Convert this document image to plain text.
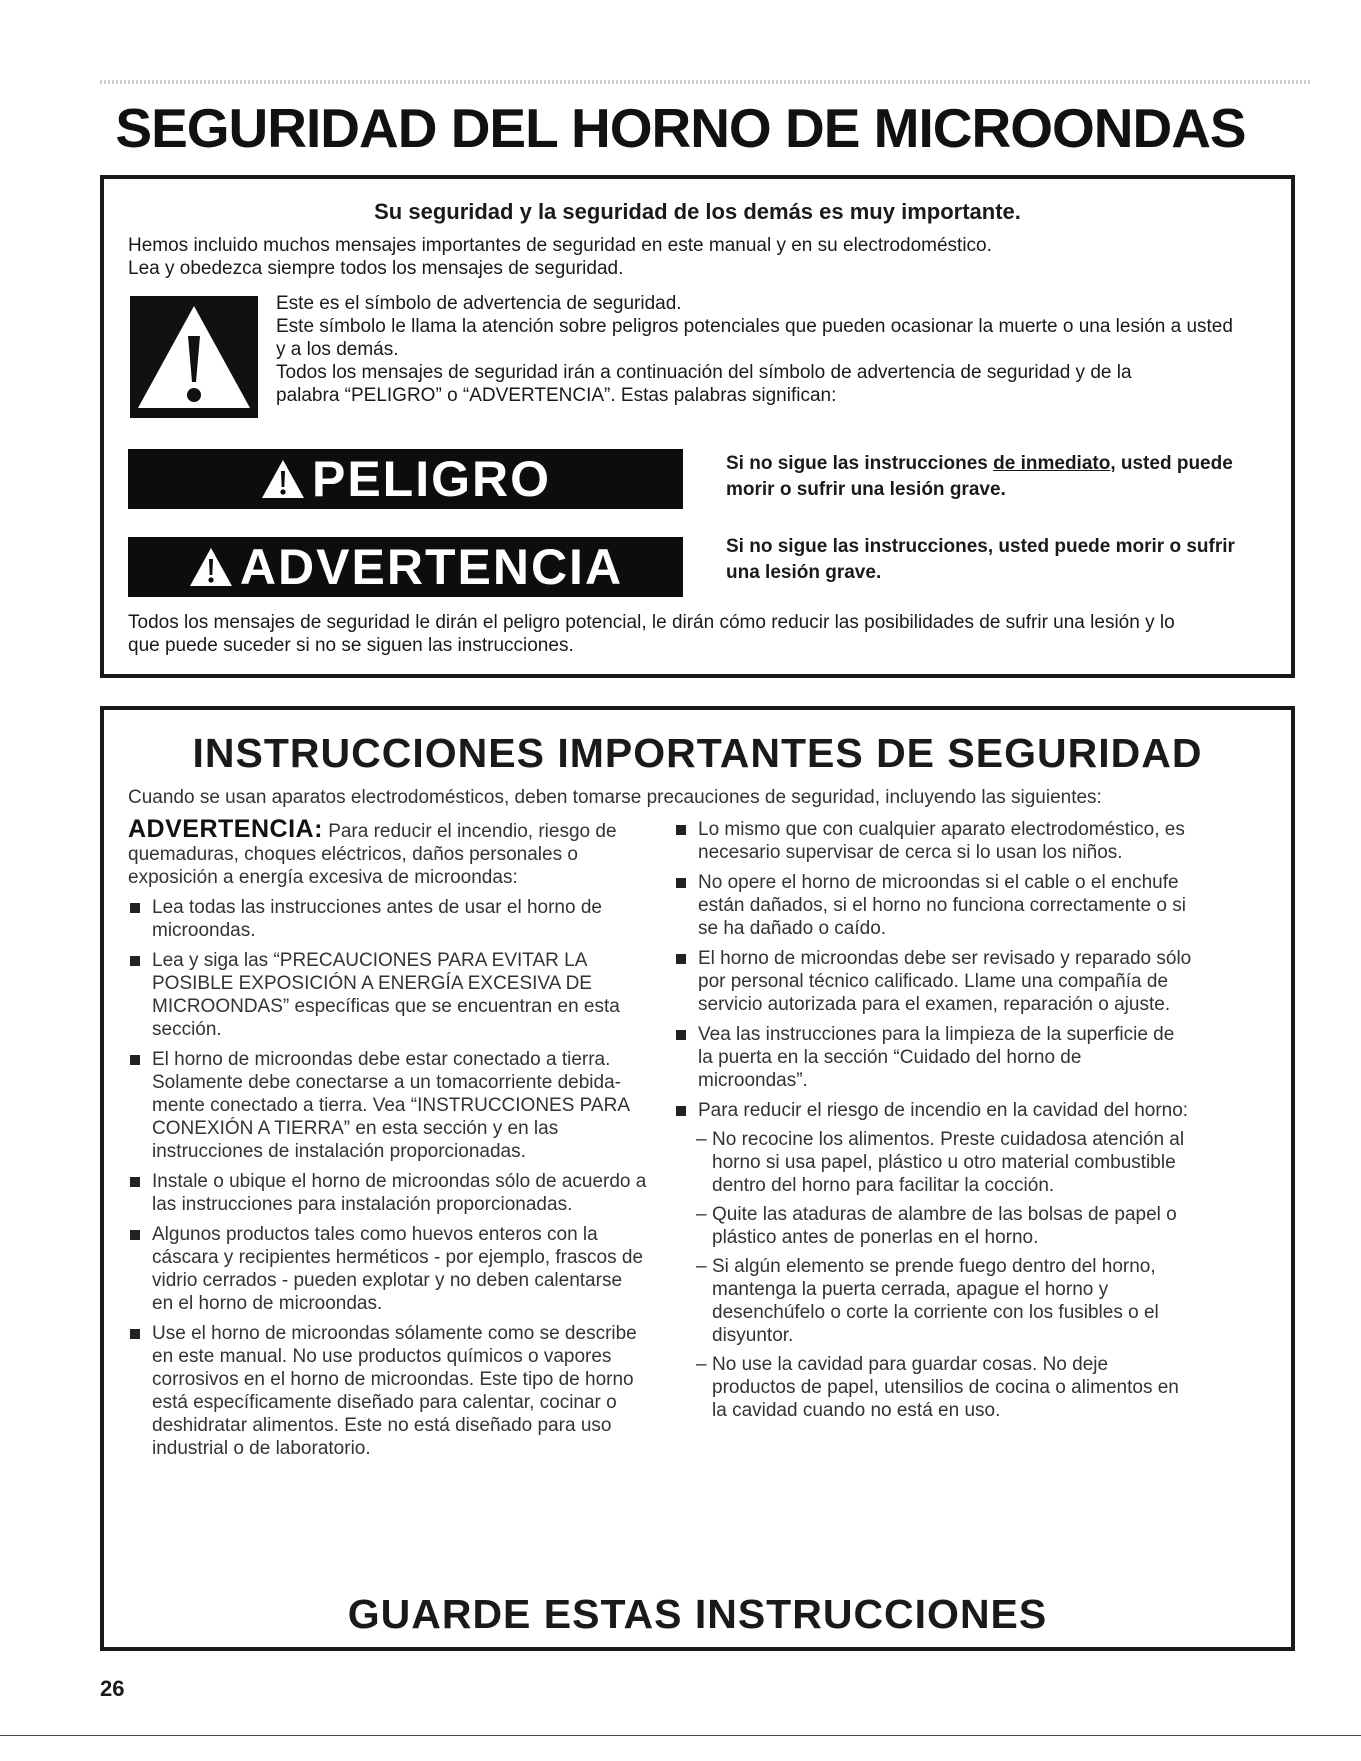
SEGURIDAD DEL HORNO DE MICROONDAS
Su seguridad y la seguridad de los demás es muy importante.
Hemos incluido muchos mensajes importantes de seguridad en este manual y en su electrodoméstico.
Lea y obedezca siempre todos los mensajes de seguridad.
Este es el símbolo de advertencia de seguridad.
Este símbolo le llama la atención sobre peligros potenciales que pueden ocasionar la muerte o una lesión a usted y a los demás.
Todos los mensajes de seguridad irán a continuación del símbolo de advertencia de seguridad y de la palabra “PELIGRO” o “ADVERTENCIA”. Estas palabras significan:
PELIGRO	Si no sigue las instrucciones de inmediato, usted puede morir o sufrir una lesión grave.
ADVERTENCIA	Si no sigue las instrucciones, usted puede morir o sufrir una lesión grave.
Todos los mensajes de seguridad le dirán el peligro potencial, le dirán cómo reducir las posibilidades de sufrir una lesión y lo que puede suceder si no se siguen las instrucciones.
INSTRUCCIONES IMPORTANTES DE SEGURIDAD
Cuando se usan aparatos electrodomésticos, deben tomarse precauciones de seguridad, incluyendo las siguientes:
ADVERTENCIA: Para reducir el incendio, riesgo de quemaduras, choques eléctricos, daños personales o exposición a energía excesiva de microondas:
Lea todas las instrucciones antes de usar el horno de microondas.
Lea y siga las “PRECAUCIONES PARA EVITAR LA POSIBLE EXPOSICIÓN A ENERGÍA EXCESIVA DE MICROONDAS” específicas que se encuentran en esta sección.
El horno de microondas debe estar conectado a tierra. Solamente debe conectarse a un tomacorriente debida-mente conectado a tierra. Vea “INSTRUCCIONES PARA CONEXIÓN A TIERRA” en esta sección y en las instrucciones de instalación proporcionadas.
Instale o ubique el horno de microondas sólo de acuerdo a las instrucciones para instalación proporcionadas.
Algunos productos tales como huevos enteros con la cáscara y recipientes herméticos - por ejemplo, frascos de vidrio cerrados - pueden explotar y no deben calentarse en el horno de microondas.
Use el horno de microondas sólamente como se describe en este manual. No use productos químicos o vapores corrosivos en el horno de microondas. Este tipo de horno está específicamente diseñado para calentar, cocinar o deshidratar alimentos. Este no está diseñado para uso industrial o de laboratorio.
Lo mismo que con cualquier aparato electrodoméstico, es necesario supervisar de cerca si lo usan los niños.
No opere el horno de microondas si el cable o el enchufe están dañados, si el horno no funciona correctamente o si se ha dañado o caído.
El horno de microondas debe ser revisado y reparado sólo por personal técnico calificado. Llame una compañía de servicio autorizada para el examen, reparación o ajuste.
Vea las instrucciones para la limpieza de la superficie de la puerta en la sección “Cuidado del horno de microondas”.
Para reducir el riesgo de incendio en la cavidad del horno:
– No recocine los alimentos. Preste cuidadosa atención al horno si usa papel, plástico u otro material combustible dentro del horno para facilitar la cocción.
– Quite las ataduras de alambre de las bolsas de papel o plástico antes de ponerlas en el horno.
– Si algún elemento se prende fuego dentro del horno, mantenga la puerta cerrada, apague el horno y desenchúfelo o corte la corriente con los fusibles o el disyuntor.
– No use la cavidad para guardar cosas. No deje productos de papel, utensilios de cocina o alimentos en la cavidad cuando no está en uso.
GUARDE ESTAS INSTRUCCIONES
26
